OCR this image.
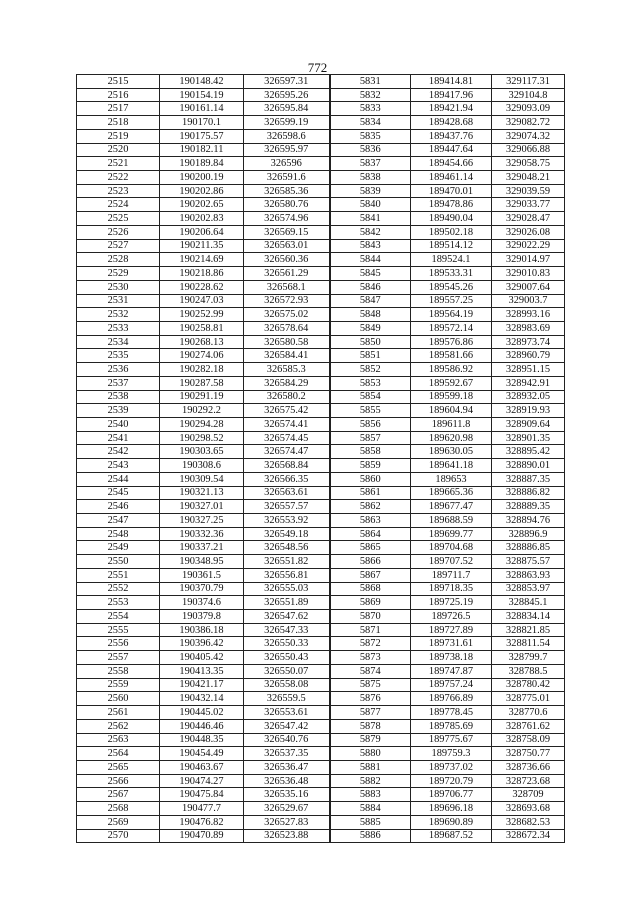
772
2515	190148.42	326597.31	5831	189414.81	329117.31
2516	190154.19	326595.26	5832	189417.96	329104.8
2517	190161.14	326595.84	5833	189421.94	329093.09
2518	190170.1	326599.19	5834	189428.68	329082.72
2519	190175.57	326598.6	5835	189437.76	329074.32
2520	190182.11	326595.97	5836	189447.64	329066.88
2521	190189.84	326596	5837	189454.66	329058.75
2522	190200.19	326591.6	5838	189461.14	329048.21
2523	190202.86	326585.36	5839	189470.01	329039.59
2524	190202.65	326580.76	5840	189478.86	329033.77
2525	190202.83	326574.96	5841	189490.04	329028.47
2526	190206.64	326569.15	5842	189502.18	329026.08
2527	190211.35	326563.01	5843	189514.12	329022.29
2528	190214.69	326560.36	5844	189524.1	329014.97
2529	190218.86	326561.29	5845	189533.31	329010.83
2530	190228.62	326568.1	5846	189545.26	329007.64
2531	190247.03	326572.93	5847	189557.25	329003.7
2532	190252.99	326575.02	5848	189564.19	328993.16
2533	190258.81	326578.64	5849	189572.14	328983.69
2534	190268.13	326580.58	5850	189576.86	328973.74
2535	190274.06	326584.41	5851	189581.66	328960.79
2536	190282.18	326585.3	5852	189586.92	328951.15
2537	190287.58	326584.29	5853	189592.67	328942.91
2538	190291.19	326580.2	5854	189599.18	328932.05
2539	190292.2	326575.42	5855	189604.94	328919.93
2540	190294.28	326574.41	5856	189611.8	328909.64
2541	190298.52	326574.45	5857	189620.98	328901.35
2542	190303.65	326574.47	5858	189630.05	328895.42
2543	190308.6	326568.84	5859	189641.18	328890.01
2544	190309.54	326566.35	5860	189653	328887.35
2545	190321.13	326563.61	5861	189665.36	328886.82
2546	190327.01	326557.57	5862	189677.47	328889.35
2547	190327.25	326553.92	5863	189688.59	328894.76
2548	190332.36	326549.18	5864	189699.77	328896.9
2549	190337.21	326548.56	5865	189704.68	328886.85
2550	190348.95	326551.82	5866	189707.52	328875.57
2551	190361.5	326556.81	5867	189711.7	328863.93
2552	190370.79	326555.03	5868	189718.35	328853.97
2553	190374.6	326551.89	5869	189725.19	328845.1
2554	190379.8	326547.62	5870	189726.5	328834.14
2555	190386.18	326547.33	5871	189727.89	328821.85
2556	190396.42	326550.33	5872	189731.61	328811.54
2557	190405.42	326550.43	5873	189738.18	328799.7
2558	190413.35	326550.07	5874	189747.87	328788.5
2559	190421.17	326558.08	5875	189757.24	328780.42
2560	190432.14	326559.5	5876	189766.89	328775.01
2561	190445.02	326553.61	5877	189778.45	328770.6
2562	190446.46	326547.42	5878	189785.69	328761.62
2563	190448.35	326540.76	5879	189775.67	328758.09
2564	190454.49	326537.35	5880	189759.3	328750.77
2565	190463.67	326536.47	5881	189737.02	328736.66
2566	190474.27	326536.48	5882	189720.79	328723.68
2567	190475.84	326535.16	5883	189706.77	328709
2568	190477.7	326529.67	5884	189696.18	328693.68
2569	190476.82	326527.83	5885	189690.89	328682.53
2570	190470.89	326523.88	5886	189687.52	328672.34
